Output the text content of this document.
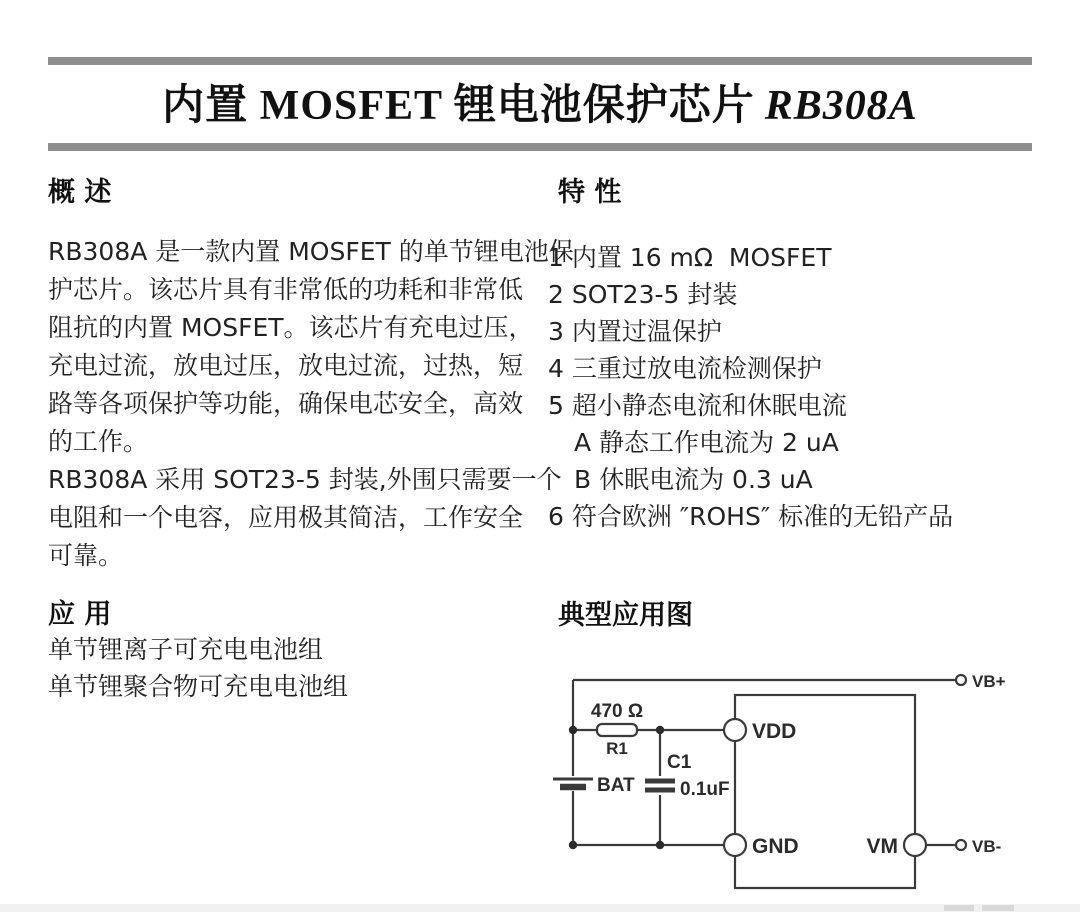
内置 MOSFET 锂电池保护芯片 RB308A
概 述
RB308A 是一款内置 MOSFET 的单节锂电池保
护芯片。该芯片具有非常低的功耗和非常低
阻抗的内置 MOSFET。该芯片有充电过压，
充电过流，放电过压，放电过流，过热，短
路等各项保护等功能，确保电芯安全，高效
的工作。
RB308A 采用 SOT23-5 封装,外围只需要一个
电阻和一个电容，应用极其简洁，工作安全
可靠。
应 用
单节锂离子可充电电池组
单节锂聚合物可充电电池组
特 性
1 内置 16 mΩ  MOSFET
2 SOT23-5 封装
3 内置过温保护
4 三重过放电流检测保护
5 超小静态电流和休眠电流
A 静态工作电流为 2 uA
B 休眠电流为 0.3 uA
6 符合欧洲 ″ROHS″ 标准的无铅产品
典型应用图
470 Ω
R1
BAT
C1
0.1uF
VDD
GND	VM
VB+
VB-
